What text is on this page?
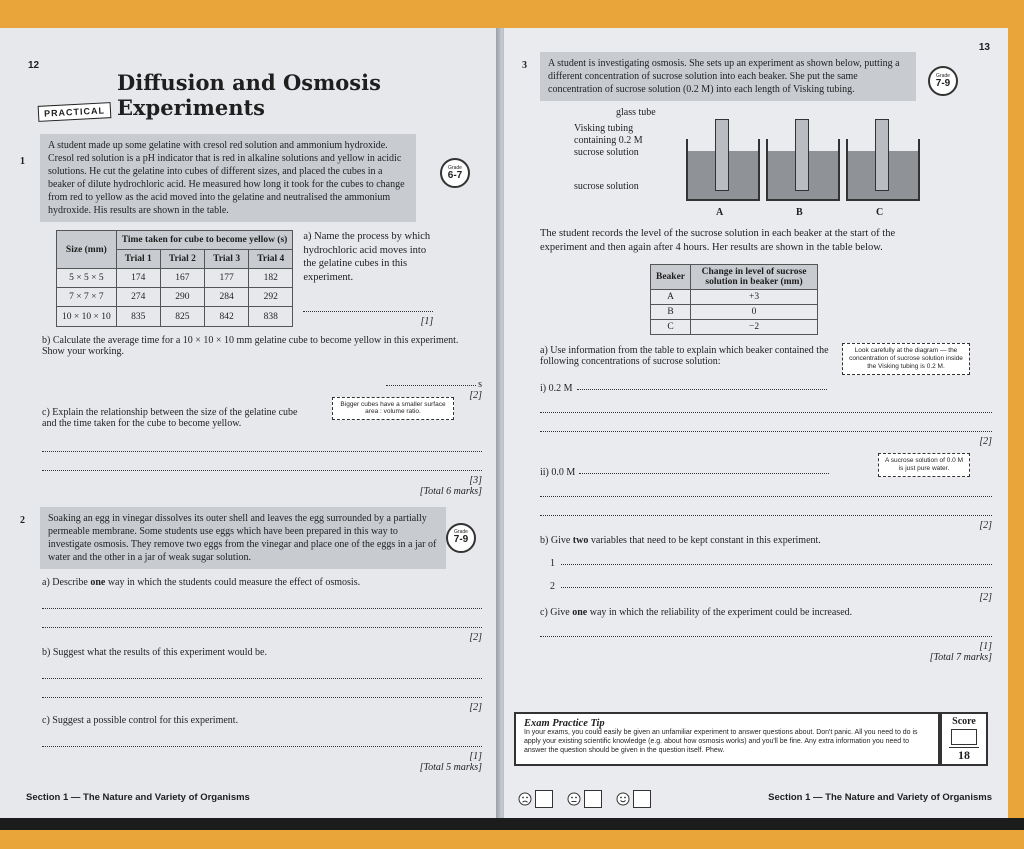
12
PRACTICAL
Diffusion and Osmosis Experiments
1
A student made up some gelatine with cresol red solution and ammonium hydroxide. Cresol red solution is a pH indicator that is red in alkaline solutions and yellow in acidic solutions. He cut the gelatine into cubes of different sizes, and placed the cubes in a beaker of dilute hydrochloric acid. He measured how long it took for the cubes to change from red to yellow as the acid moved into the gelatine and neutralised the ammonium hydroxide. His results are shown in the table.
Grade
6-7
Size (mm)	Time taken for cube to become yellow (s)			
	Trial 1	Trial 2	Trial 3	Trial 4
5 × 5 × 5	174	167	177	182
7 × 7 × 7	274	290	284	292
10 × 10 × 10	835	825	842	838
a) Name the process by which hydrochloric acid moves into the gelatine cubes in this experiment.
[1]
b) Calculate the average time for a 10 × 10 × 10 mm gelatine cube to become yellow in this experiment. Show your working.
s
[2]
c) Explain the relationship between the size of the gelatine cube and the time taken for the cube to become yellow.
Bigger cubes have a smaller surface area : volume ratio.
[3]
[Total 6 marks]
2	Soaking an egg in vinegar dissolves its outer shell and leaves the egg surrounded by a partially permeable membrane. Some students use eggs which have been prepared in this way to investigate osmosis. They remove two eggs from the vinegar and place one of the eggs in a jar of water and the other in a jar of weak sugar solution.
Grade
7-9
a) Describe one way in which the students could measure the effect of osmosis.
[2]
b) Suggest what the results of this experiment would be.
[2]
c) Suggest a possible control for this experiment.
[1]
[Total 5 marks]
Section 1 — The Nature and Variety of Organisms
13
3	A student is investigating osmosis. She sets up an experiment as shown below, putting a different concentration of sucrose solution into each beaker. She put the same concentration of sucrose solution (0.2 M) into each length of Visking tubing.
Grade
7-9
glass tube
Visking tubing containing 0.2 M sucrose solution
sucrose solution
A	B	C
The student records the level of the sucrose solution in each beaker at the start of the experiment and then again after 4 hours. Her results are shown in the table below.
Beaker	Change in level of sucrose solution in beaker (mm)
A	+3
B	0
C	−2
a) Use information from the table to explain which beaker contained the following concentrations of sucrose solution:
Look carefully at the diagram — the concentration of sucrose solution inside the Visking tubing is 0.2 M.
i) 0.2 M
[2]
ii) 0.0 M
A sucrose solution of 0.0 M is just pure water.
[2]
b) Give two variables that need to be kept constant in this experiment.
1
2
[2]
c) Give one way in which the reliability of the experiment could be increased.
[1]
[Total 7 marks]
Exam Practice Tip
In your exams, you could easily be given an unfamiliar experiment to answer questions about. Don't panic. All you need to do is apply your existing scientific knowledge (e.g. about how osmosis works) and you'll be fine. Any extra information you need to answer the question should be given in the question itself. Phew.
Score
18
Section 1 — The Nature and Variety of Organisms
